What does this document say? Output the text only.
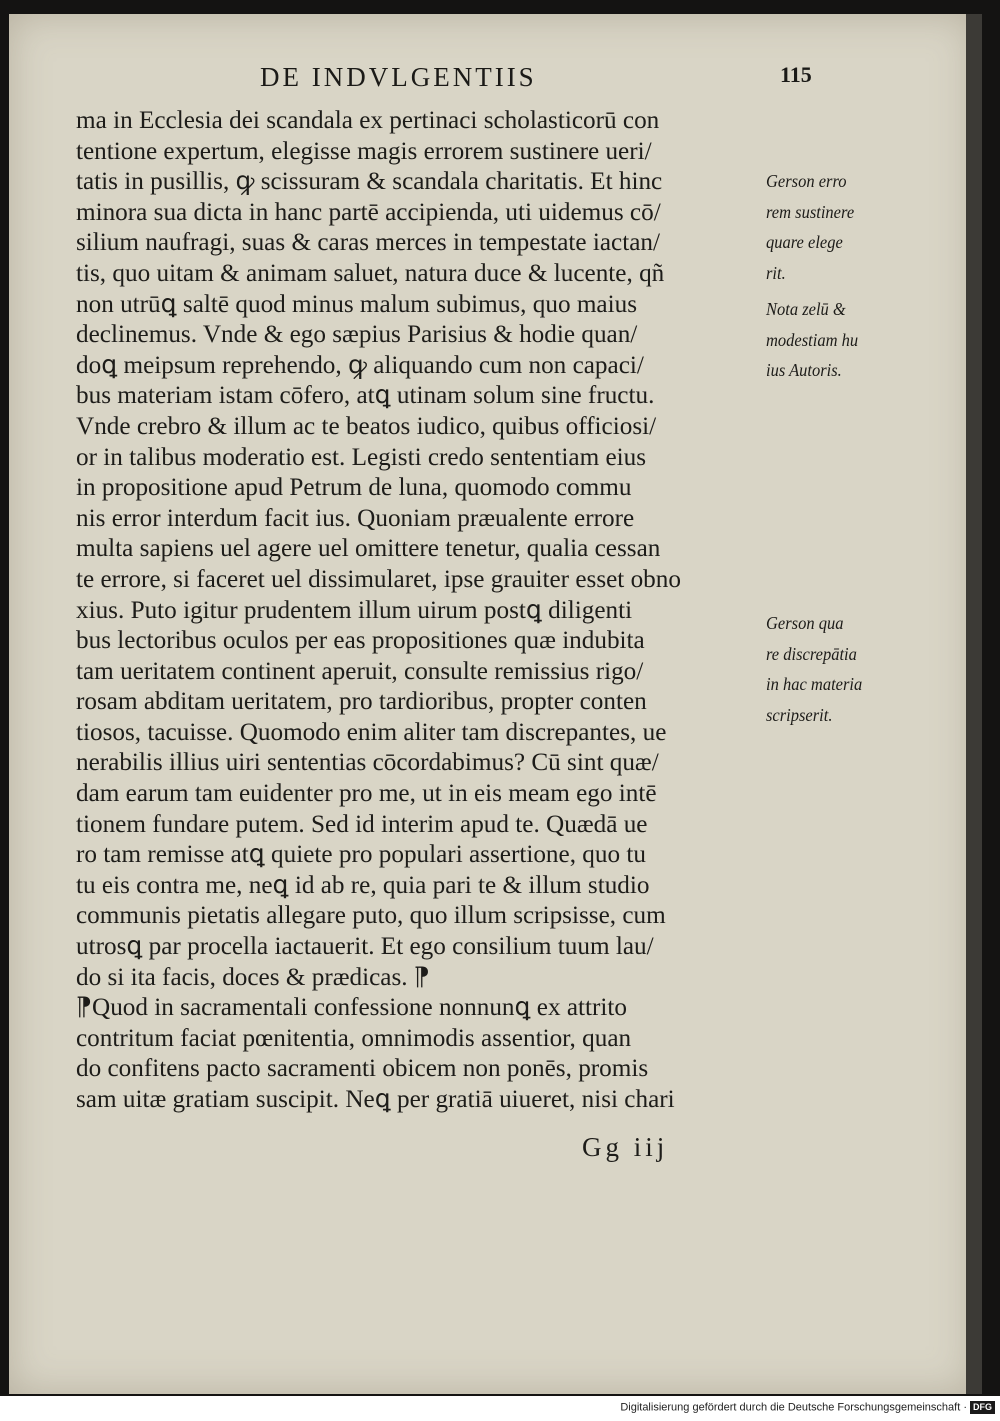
DE INDVLGENTIIS	115
ma in Ecclesia dei scandala ex pertinaci scholasticorū con
tentione expertum, elegisse magis errorem sustinere ueri/
tatis in pusillis, ꝙ scissuram & scandala charitatis. Et hinc
minora sua dicta in hanc partē accipienda, uti uidemus cō/
silium naufragi, suas & caras merces in tempestate iactan/
tis, quo uitam & animam saluet, natura duce & lucente, qñ
non utrūꝗ saltē quod minus malum subimus, quo maius
declinemus. Vnde & ego sæpius Parisius & hodie quan/
doꝗ meipsum reprehendo, ꝙ aliquando cum non capaci/
bus materiam istam cōfero, atꝗ utinam solum sine fructu.
Vnde crebro & illum ac te beatos iudico, quibus officiosi/
or in talibus moderatio est. Legisti credo sententiam eius
in propositione apud Petrum de luna, quomodo commu
nis error interdum facit ius. Quoniam præualente errore
multa sapiens uel agere uel omittere tenetur, qualia cessan
te errore, si faceret uel dissimularet, ipse grauiter esset obno
xius. Puto igitur prudentem illum uirum postꝗ diligenti
bus lectoribus oculos per eas propositiones quæ indubita
tam ueritatem continent aperuit, consulte remissius rigo/
rosam abditam ueritatem, pro tardioribus, propter conten
tiosos, tacuisse. Quomodo enim aliter tam discrepantes, ue
nerabilis illius uiri sententias cōcordabimus? Cū sint quæ/
dam earum tam euidenter pro me, ut in eis meam ego intē
tionem fundare putem. Sed id interim apud te. Quædā ue
ro tam remisse atꝗ quiete pro populari assertione, quo tu
tu eis contra me, neꝗ id ab re, quia pari te & illum studio
communis pietatis allegare puto, quo illum scripsisse, cum
utrosꝗ par procella iactauerit. Et ego consilium tuum lau/
do si ita facis, doces & prædicas. ⁋
⁋Quod in sacramentali confessione nonnunꝗ ex attrito
contritum faciat pœnitentia, omnimodis assentior, quan
do confitens pacto sacramenti obicem non ponēs, promis
sam uitæ gratiam suscipit. Neꝗ per gratiā uiueret, nisi chari
Gerson erro
rem sustinere
quare elege
rit.
Nota zelū &
modestiam hu
ius Autoris.
Gerson qua
re discrepātia
in hac materia
scripserit.
Gg iij
Digitalisierung gefördert durch die Deutsche Forschungsgemeinschaft · DFG
